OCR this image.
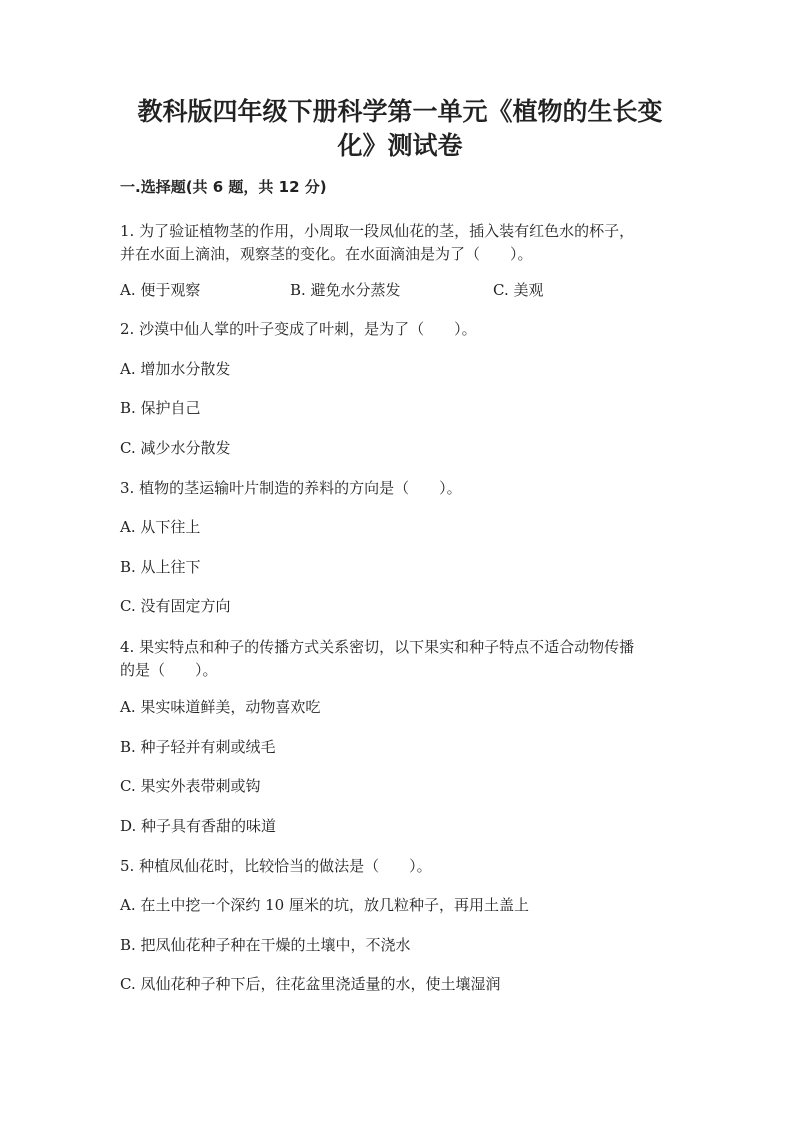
教科版四年级下册科学第一单元《植物的生长变
化》测试卷
一.选择题(共 6 题，共 12 分)
1. 为了验证植物茎的作用，小周取一段凤仙花的茎，插入装有红色水的杯子，
并在水面上滴油，观察茎的变化。在水面滴油是为了（　　）。
A. 便于观察	B. 避免水分蒸发	C. 美观
2. 沙漠中仙人掌的叶子变成了叶刺，是为了（　　）。
A. 增加水分散发
B. 保护自己
C. 减少水分散发
3. 植物的茎运输叶片制造的养料的方向是（　　）。
A. 从下往上
B. 从上往下
C. 没有固定方向
4. 果实特点和种子的传播方式关系密切，以下果实和种子特点不适合动物传播
的是（　　）。
A. 果实味道鲜美，动物喜欢吃
B. 种子轻并有刺或绒毛
C. 果实外表带刺或钩
D. 种子具有香甜的味道
5. 种植凤仙花时，比较恰当的做法是（　　）。
A. 在土中挖一个深约 10 厘米的坑，放几粒种子，再用土盖上
B. 把凤仙花种子种在干燥的土壤中，不浇水
C. 凤仙花种子种下后，往花盆里浇适量的水，使土壤湿润
